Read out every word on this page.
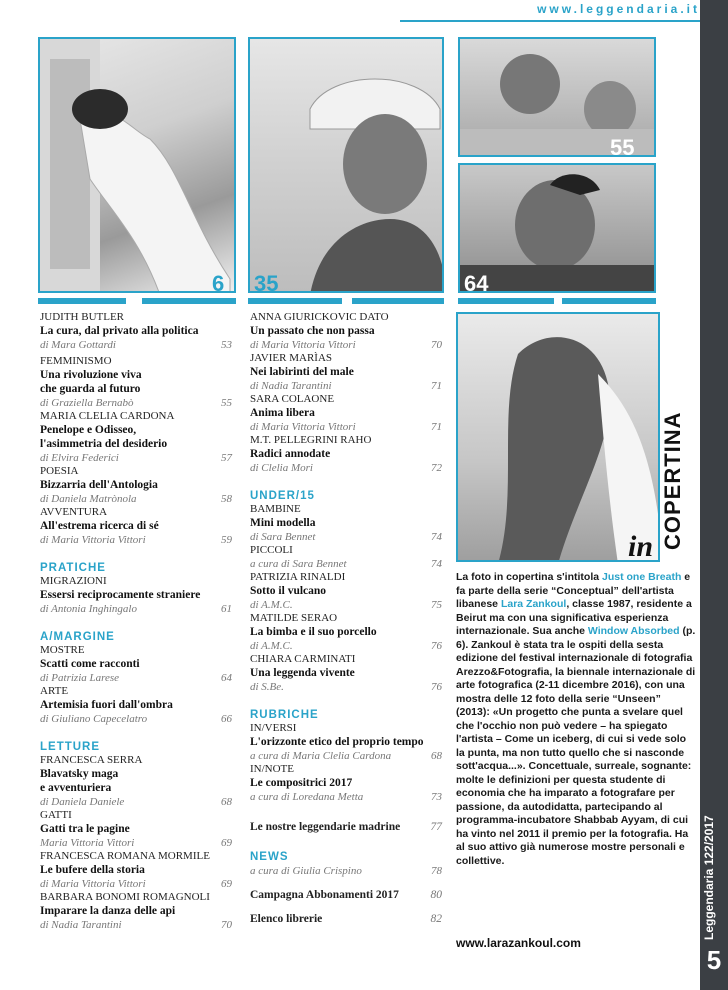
www.leggendaria.it
Leggendaria 122/2017
5
6 35
55
64
JUDITH BUTLER
La cura, dal privato alla politica
di Mara Gottardi	53
FEMMINISMO
Una rivoluzione viva
che guarda al futuro
di Graziella Bernabò	55
MARIA CLELIA CARDONA
Penelope e Odisseo,
l'asimmetria del desiderio
di Elvira Federici	57
POESIA
Bizzarria dell'Antologia
di Daniela Matrònola	58
AVVENTURA
All'estrema ricerca di sé
di Maria Vittoria Vittori	59
PRATICHE
MIGRAZIONI
Essersi reciprocamente straniere
di Antonia Inghingalo	61
A/MARGINE
MOSTRE
Scatti come racconti
di Patrizia Larese	64
ARTE
Artemisia fuori dall'ombra
di Giuliano Capecelatro	66
LETTURE
FRANCESCA SERRA
Blavatsky maga
e avventuriera
di Daniela Daniele	68
GATTI
Gatti tra le pagine
Maria Vittoria Vittori	69
FRANCESCA ROMANA MORMILE
Le bufere della storia
di Maria Vittoria Vittori	69
BARBARA BONOMI ROMAGNOLI
Imparare la danza delle api
di Nadia Tarantini	70
ANNA GIURICKOVIC DATO
Un passato che non passa
di Maria Vittoria Vittori	70
JAVIER MARÌAS
Nei labirinti del male
di Nadia Tarantini	71
SARA COLAONE
Anima libera
di Maria Vittoria Vittori	71
M.T. PELLEGRINI RAHO
Radici annodate
di Clelia Mori	72
UNDER/15
BAMBINE
Mini modella
di Sara Bennet	74
PICCOLI
a cura di Sara Bennet	74
PATRIZIA RINALDI
Sotto il vulcano
di A.M.C.	75
MATILDE SERAO
La bimba e il suo porcello
di A.M.C.	76
CHIARA CARMINATI
Una leggenda vivente
di S.Be.	76
RUBRICHE
IN/VERSI
L'orizzonte etico del proprio tempo
a cura di Maria Clelia Cardona	68
IN/NOTE
Le compositrici 2017
a cura di Loredana Metta	73
Le nostre leggendarie madrine	77
NEWS
a cura di Giulia Crispino	78
Campagna Abbonamenti 2017	80
Elenco librerie	82
COPERTINA
in
La foto in copertina s'intitola Just one Breath e fa parte della serie “Conceptual” dell'artista libanese Lara Zankoul, classe 1987, residente a Beirut ma con una significativa esperienza internazionale. Sua anche Window Absorbed (p. 6). Zankoul è stata tra le ospiti della sesta edizione del festival internazionale di fotografia Arezzo&Fotografia, la biennale internazionale di arte fotografica (2-11 dicembre 2016), con una mostra delle 12 foto della serie “Unseen” (2013): «Un progetto che punta a svelare quel che l'occhio non può vedere – ha spiegato l'artista – Come un iceberg, di cui si vede solo la punta, ma non tutto quello che si nasconde sott'acqua...». Concettuale, surreale, sognante: molte le definizioni per questa studente di economia che ha imparato a fotografare per passione, da autodidatta, partecipando al programma-incubatore Shabbab Ayyam, di cui ha vinto nel 2011 il premio per la fotografia. Ha al suo attivo già numerose mostre personali e collettive.
www.larazankoul.com
